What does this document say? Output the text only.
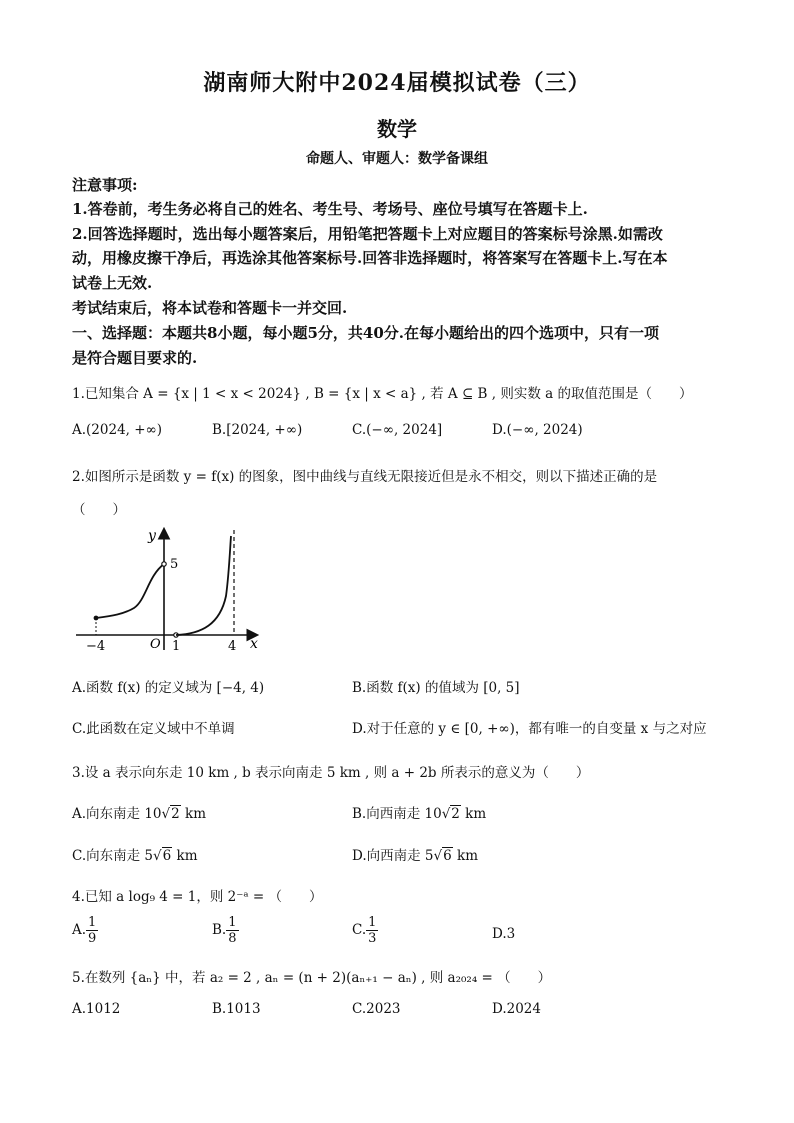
湖南师大附中2024届模拟试卷（三）
数学
命题人、审题人：数学备课组
注意事项:
1.答卷前，考生务必将自己的姓名、考生号、考场号、座位号填写在答题卡上.
2.回答选择题时，选出每小题答案后，用铅笔把答题卡上对应题目的答案标号涂黑.如需改
动，用橡皮擦干净后，再选涂其他答案标号.回答非选择题时，将答案写在答题卡上.写在本
试卷上无效.
考试结束后，将本试卷和答题卡一并交回.
一、选择题：本题共8小题，每小题5分，共40分.在每小题给出的四个选项中，只有一项
是符合题目要求的.
1.已知集合 A = {x | 1 < x < 2024} , B = {x | x < a} , 若 A ⊆ B , 则实数 a 的取值范围是（　　）
A.(2024, +∞)	B.[2024, +∞)	C.(−∞, 2024]	D.(−∞, 2024)
2.如图所示是函数 y = f(x) 的图象，图中曲线与直线无限接近但是永不相交，则以下描述正确的是
（　　）
y
x
O
−4	1	4
5
A.函数 f(x) 的定义域为 [−4, 4)	B.函数 f(x) 的值域为 [0, 5]
C.此函数在定义域中不单调	D.对于任意的 y ∈ [0, +∞)，都有唯一的自变量 x 与之对应
3.设 a 表示向东走 10 km , b 表示向南走 5 km , 则 a + 2b 所表示的意义为（　　）
A.向东南走 10√2 km	B.向西南走 10√2 km
C.向东南走 5√6 km	D.向西南走 5√6 km
4.已知 a log₉ 4 = 1，则 2⁻ᵃ = （　　）
A. $\frac{1}{9}$	B. $\frac{1}{8}$	C. $\frac{1}{3}$	D.3
5.在数列 {aₙ} 中，若 a₂ = 2 , aₙ = (n + 2)(aₙ₊₁ − aₙ) , 则 a₂₀₂₄ = （　　）
A.1012	B.1013	C.2023	D.2024
